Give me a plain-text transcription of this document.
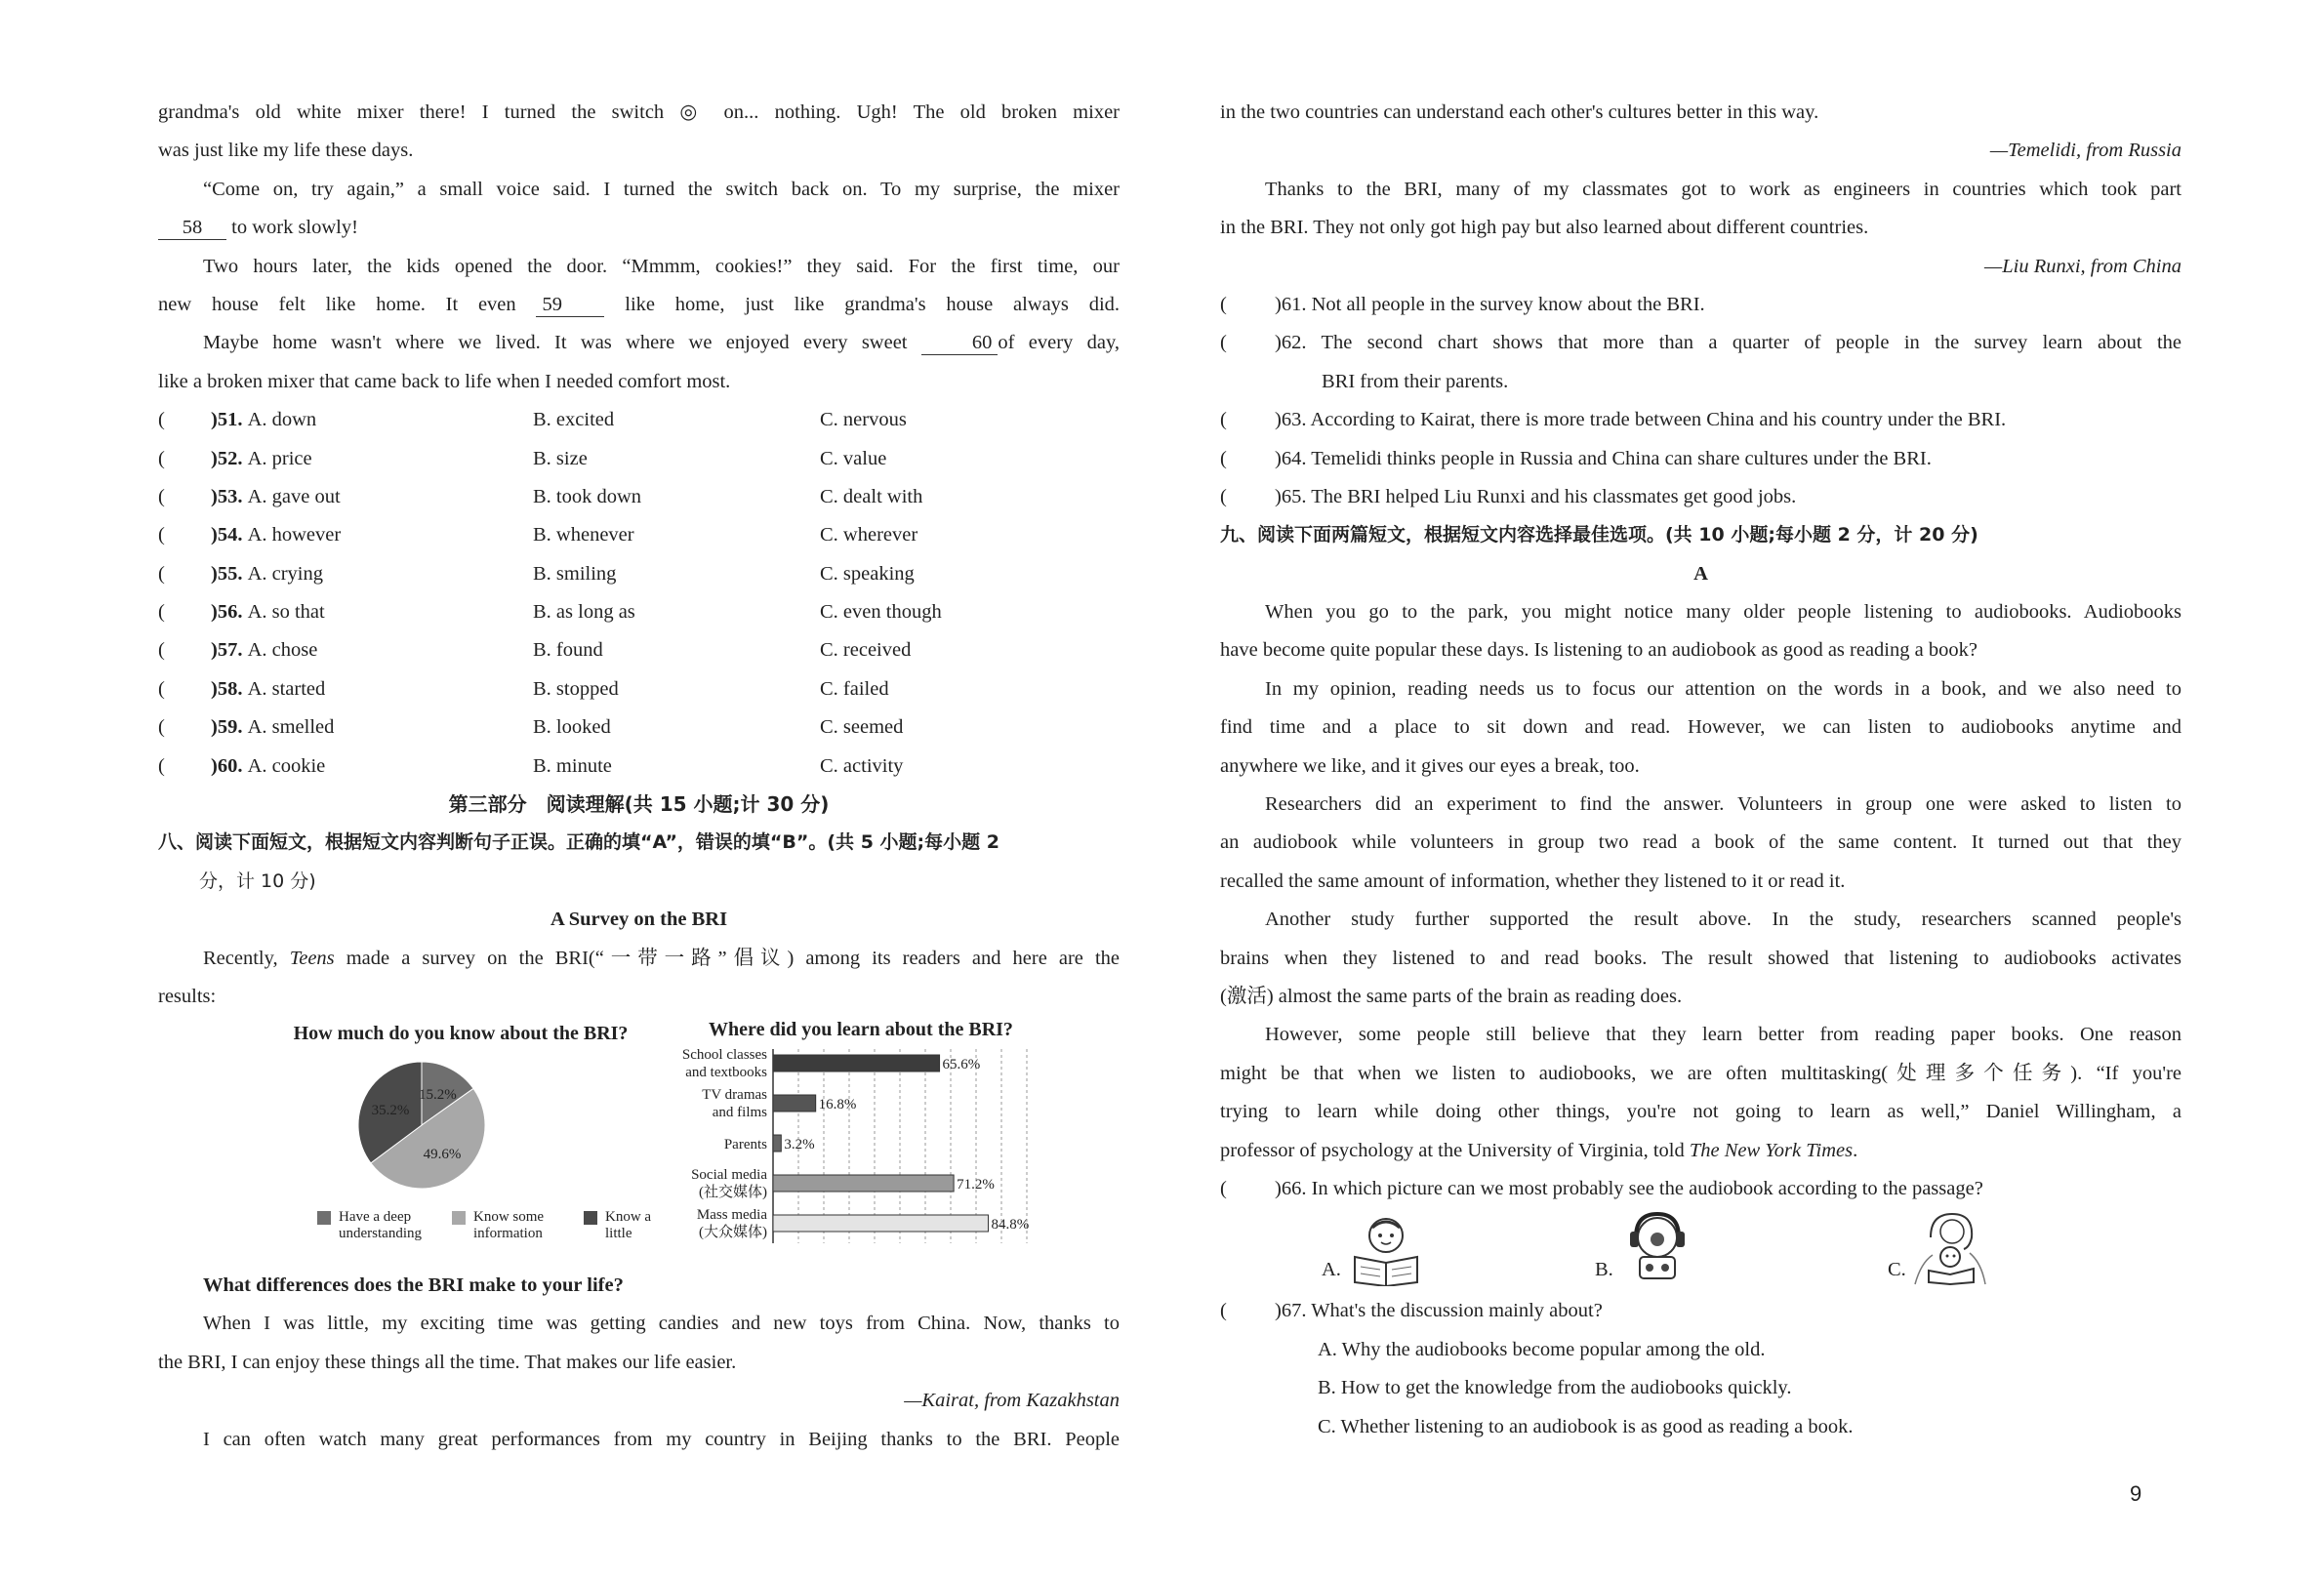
grandma's old white mixer there! I turned the switch ◎ on... nothing. Ugh! The old broken mixer
was just like my life these days.
“Come on, try again,” a small voice said. I turned the switch back on. To my surprise, the mixer
58 to work slowly!
Two hours later, the kids opened the door. “Mmmm, cookies!” they said. For the first time, our
new house felt like home. It even 59	like home, just like grandma's house always did.
Maybe home wasn't where we lived. It was where we enjoyed every sweet	60 of every day,
like a broken mixer that came back to life when I needed comfort most.
( )51. A. down	B. excited	C. nervous
( )52. A. price	B. size	C. value
( )53. A. gave out	B. took down	C. dealt with
( )54. A. however	B. whenever	C. wherever
( )55. A. crying	B. smiling	C. speaking
( )56. A. so that	B. as long as	C. even though
( )57. A. chose	B. found	C. received
( )58. A. started	B. stopped	C. failed
( )59. A. smelled	B. looked	C. seemed
( )60. A. cookie	B. minute	C. activity
第三部分　阅读理解(共 15 小题;计 30 分)
八、阅读下面短文，根据短文内容判断句子正误。正确的填“A”，错误的填“B”。(共 5 小题;每小题 2
分，计 10 分)
A Survey on the BRI
Recently, Teens made a survey on the BRI(“一带一路”倡议) among its readers and here are the
results:
How much do you know about the BRI?
15.2%
49.6%
35.2%
Have a deep
understanding
Know some
information
Know a
little
Where did you learn about the BRI?
65.6%
School classes
and textbooks
16.8%
TV dramas
and films
3.2%
Parents
71.2%
Social media
(社交媒体)
84.8%
Mass media
(大众媒体)
What differences does the BRI make to your life?
When I was little, my exciting time was getting candies and new toys from China. Now, thanks to
the BRI, I can enjoy these things all the time. That makes our life easier.
—Kairat, from Kazakhstan
I can often watch many great performances from my country in Beijing thanks to the BRI. People
in the two countries can understand each other's cultures better in this way.
—Temelidi, from Russia
Thanks to the BRI, many of my classmates got to work as engineers in countries which took part
in the BRI. They not only got high pay but also learned about different countries.
—Liu Runxi, from China
( )61. Not all people in the survey know about the BRI.
( )62. The second chart shows that more than a quarter of people in the survey learn about the
BRI from their parents.
( )63. According to Kairat, there is more trade between China and his country under the BRI.
( )64. Temelidi thinks people in Russia and China can share cultures under the BRI.
( )65. The BRI helped Liu Runxi and his classmates get good jobs.
九、阅读下面两篇短文，根据短文内容选择最佳选项。(共 10 小题;每小题 2 分，计 20 分)
A
When you go to the park, you might notice many older people listening to audiobooks. Audiobooks
have become quite popular these days. Is listening to an audiobook as good as reading a book?
In my opinion, reading needs us to focus our attention on the words in a book, and we also need to
find time and a place to sit down and read. However, we can listen to audiobooks anytime and
anywhere we like, and it gives our eyes a break, too.
Researchers did an experiment to find the answer. Volunteers in group one were asked to listen to
an audiobook while volunteers in group two read a book of the same content. It turned out that they
recalled the same amount of information, whether they listened to it or read it.
Another study further supported the result above. In the study, researchers scanned people's
brains when they listened to and read books. The result showed that listening to audiobooks activates
(激活) almost the same parts of the brain as reading does.
However, some people still believe that they learn better from reading paper books. One reason
might be that when we listen to audiobooks, we are often multitasking(处理多个任务). “If you're
trying to learn while doing other things, you're not going to learn as well,” Daniel Willingham, a
professor of psychology at the University of Virginia, told The New York Times.
( )66. In which picture can we most probably see the audiobook according to the passage?
A.	B.	C.
( )67. What's the discussion mainly about?
A. Why the audiobooks become popular among the old.
B. How to get the knowledge from the audiobooks quickly.
C. Whether listening to an audiobook is as good as reading a book.
9
